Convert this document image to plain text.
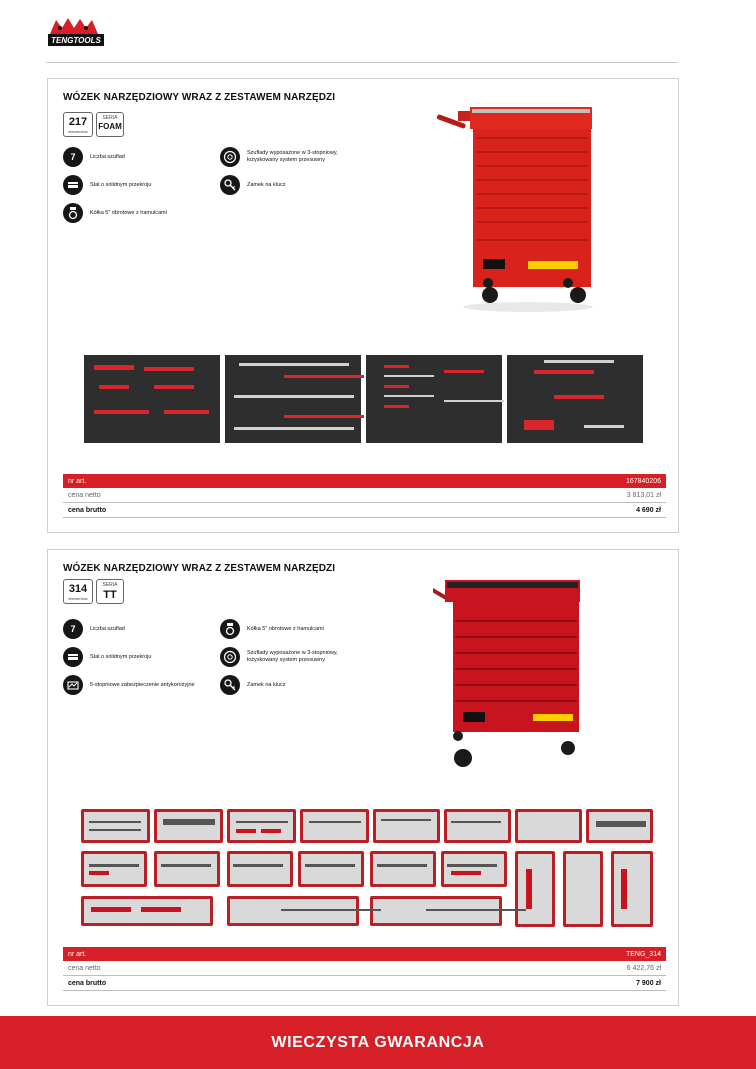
TENGTOOLS
WÓZEK NARZĘDZIOWY WRAZ Z ZESTAWEM NARZĘDZI
217
elementów
SERIA
FOAM
7	Liczba szuflad
Szuflady wyposażone w 3-stopniowy, łożyskowany system przesuwny
Stal o solidnym przekroju	Zamek na klucz
Kółka 5" obrotowe z hamulcami
nr art.	167840206
cena netto	3 813,01 zł
cena brutto	4 690 zł
WÓZEK NARZĘDZIOWY WRAZ Z ZESTAWEM NARZĘDZI
314
elementów
SERIA
TT
7	Liczba szuflad	Kółka 5" obrotowe z hamulcami
Stal o solidnym przekroju
Szuflady wyposażone w 3-stopniowy, łożyskowany system przesuwny
5-stopniowe zabezpieczenie antykorozyjne	Zamek na klucz
nr art.	TENG_314
cena netto	6 422,76 zł
cena brutto	7 900 zł
WIECZYSTA GWARANCJA
